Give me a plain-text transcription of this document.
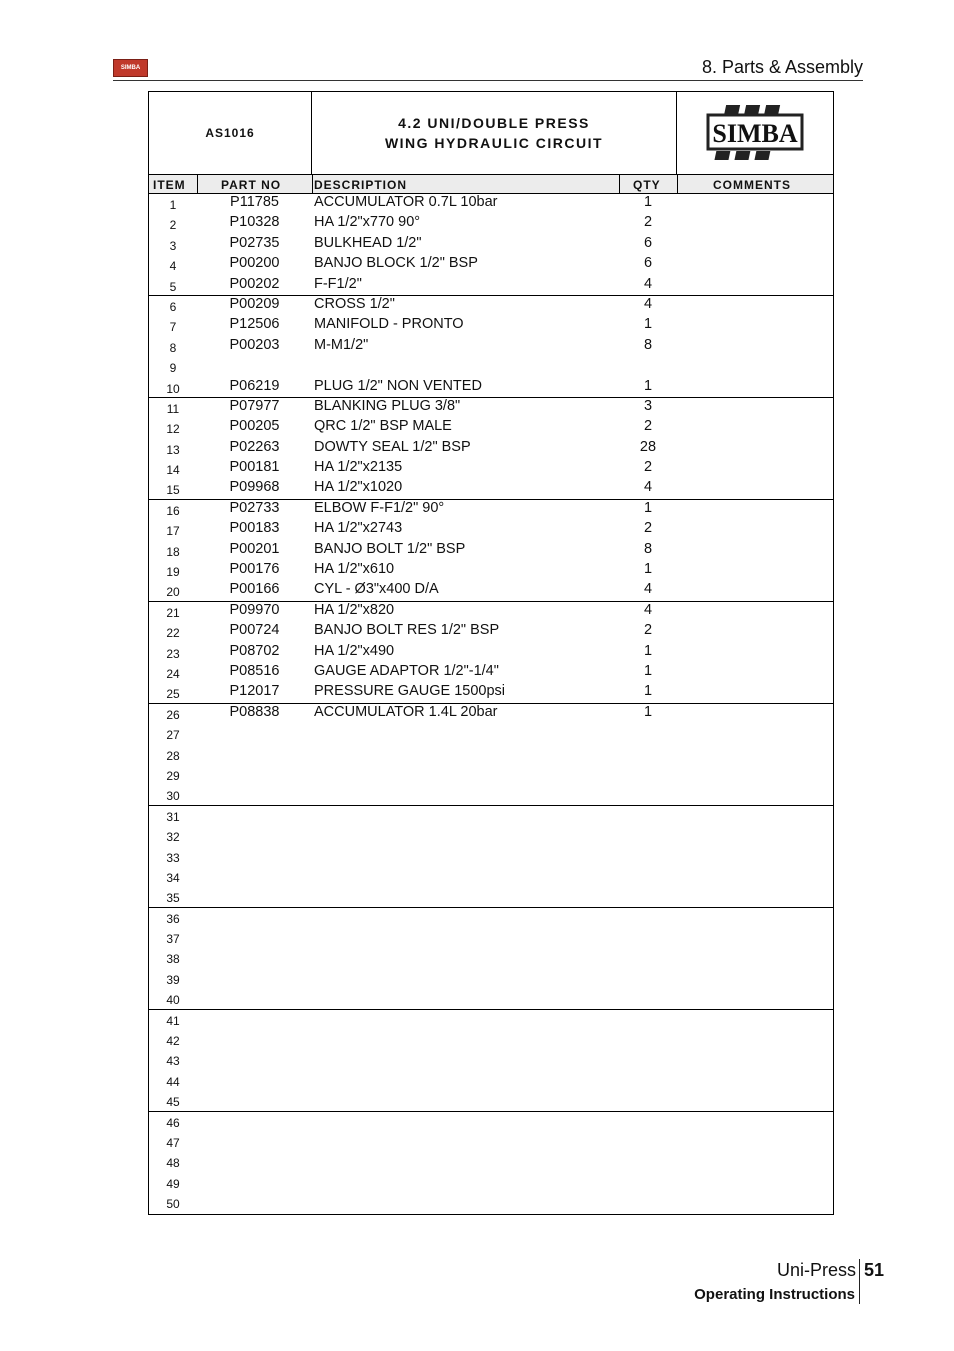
SIMBA	8. Parts & Assembly
AS1016
4.2 UNI/DOUBLE PRESS
WING HYDRAULIC CIRCUIT	SIMBA
ITEM	PART NO	DESCRIPTION	QTY	COMMENTS
1	P11785	ACCUMULATOR 0.7L 10bar	1
2	P10328	HA 1/2"x770 90°	2
3	P02735	BULKHEAD 1/2"	6
4	P00200	BANJO BLOCK 1/2" BSP	6
5	P00202	F-F1/2"	4
6	P00209	CROSS 1/2"	4
7	P12506	MANIFOLD - PRONTO	1
8	P00203	M-M1/2"	8
9
10	P06219	PLUG 1/2" NON VENTED	1
11	P07977	BLANKING PLUG 3/8"	3
12	P00205	QRC 1/2" BSP MALE	2
13	P02263	DOWTY SEAL 1/2" BSP	28
14	P00181	HA 1/2"x2135	2
15	P09968	HA 1/2"x1020	4
16	P02733	ELBOW F-F1/2" 90°	1
17	P00183	HA 1/2"x2743	2
18	P00201	BANJO BOLT 1/2" BSP	8
19	P00176	HA 1/2"x610	1
20	P00166	CYL - Ø3"x400 D/A	4
21	P09970	HA 1/2"x820	4
22	P00724	BANJO BOLT RES 1/2" BSP	2
23	P08702	HA 1/2"x490	1
24	P08516	GAUGE ADAPTOR 1/2"-1/4"	1
25	P12017	PRESSURE GAUGE 1500psi	1
26	P08838	ACCUMULATOR 1.4L 20bar	1
27
28
29
30
31
32
33
34
35
36
37
38
39
40
41
42
43
44
45
46
47
48
49
50
Uni-Press 51
Operating Instructions
